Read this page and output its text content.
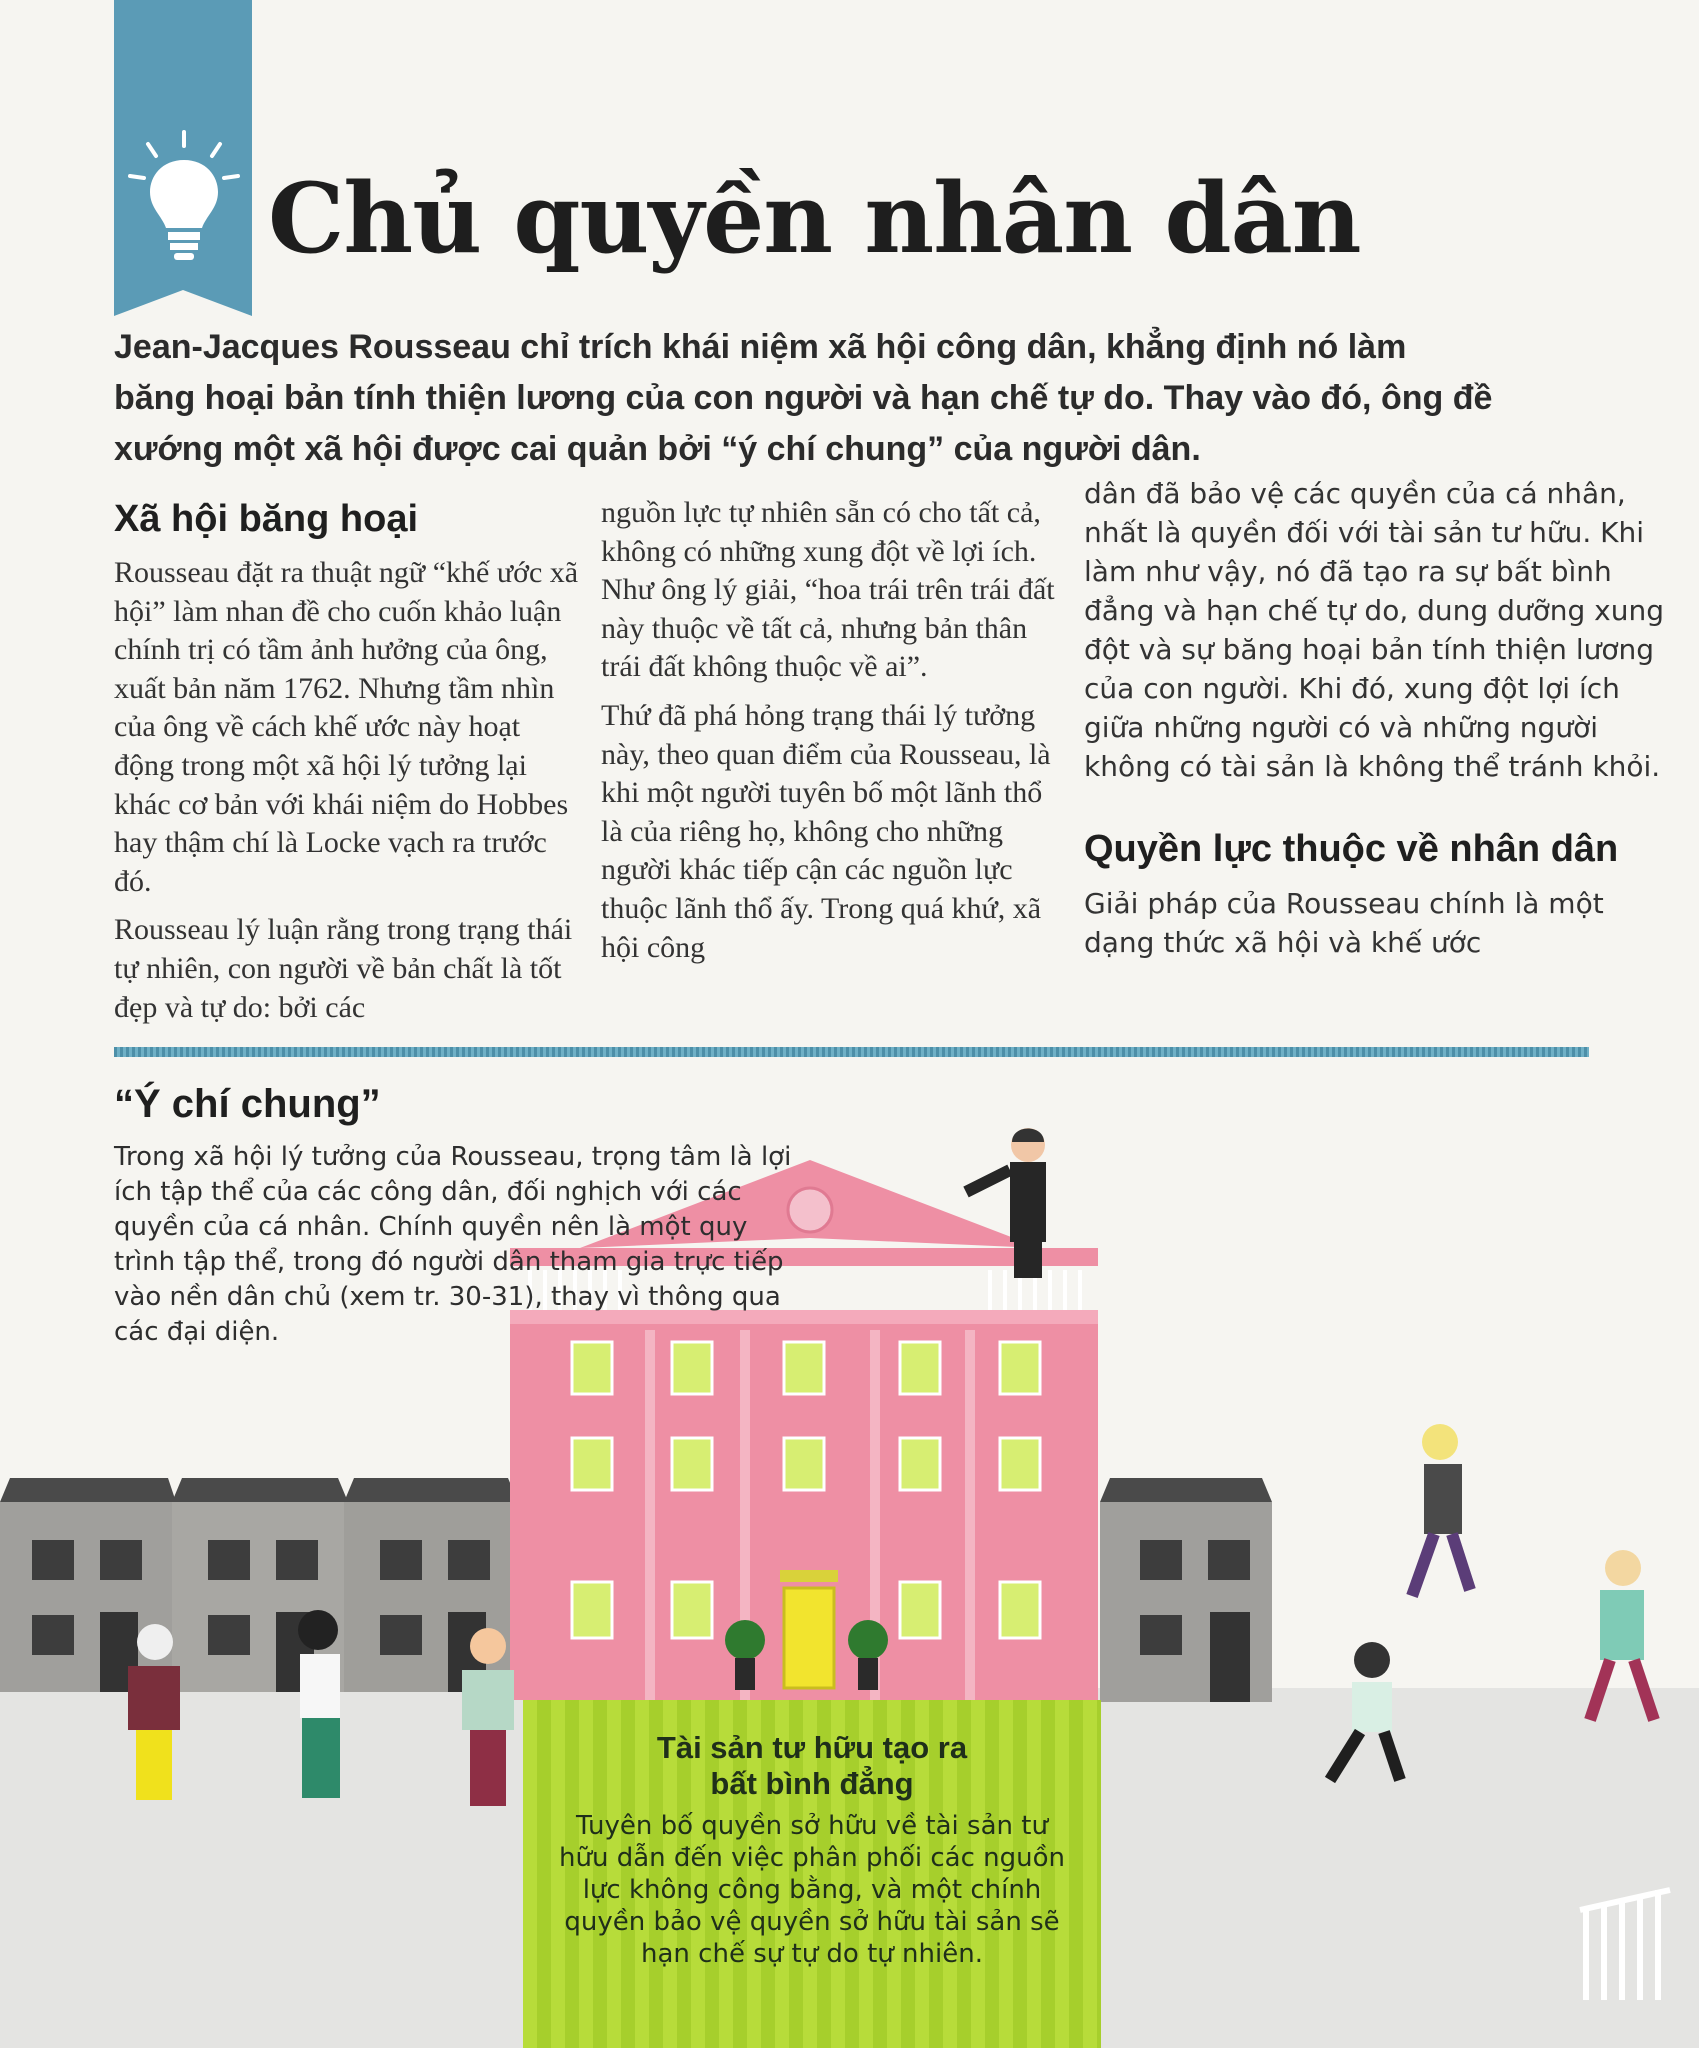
Chủ quyền nhân dân

Jean-Jacques Rousseau chỉ trích khái niệm xã hội công dân, khẳng định nó làm băng hoại bản tính thiện lương của con người và hạn chế tự do. Thay vào đó, ông đề xướng một xã hội được cai quản bởi “ý chí chung” của người dân.

Xã hội băng hoại

Rousseau đặt ra thuật ngữ “khế ước xã hội” làm nhan đề cho cuốn khảo luận chính trị có tầm ảnh hưởng của ông, xuất bản năm 1762. Nhưng tầm nhìn của ông về cách khế ước này hoạt động trong một xã hội lý tưởng lại khác cơ bản với khái niệm do Hobbes hay thậm chí là Locke vạch ra trước đó.

Rousseau lý luận rằng trong trạng thái tự nhiên, con người về bản chất là tốt đẹp và tự do: bởi các

nguồn lực tự nhiên sẵn có cho tất cả, không có những xung đột về lợi ích. Như ông lý giải, “hoa trái trên trái đất này thuộc về tất cả, nhưng bản thân trái đất không thuộc về ai”.

Thứ đã phá hỏng trạng thái lý tưởng này, theo quan điểm của Rousseau, là khi một người tuyên bố một lãnh thổ là của riêng họ, không cho những người khác tiếp cận các nguồn lực thuộc lãnh thổ ấy. Trong quá khứ, xã hội công

dân đã bảo vệ các quyền của cá nhân, nhất là quyền đối với tài sản tư hữu. Khi làm như vậy, nó đã tạo ra sự bất bình đẳng và hạn chế tự do, dung dưỡng xung đột và sự băng hoại bản tính thiện lương của con người. Khi đó, xung đột lợi ích giữa những người có và những người không có tài sản là không thể tránh khỏi.

Quyền lực thuộc về nhân dân

Giải pháp của Rousseau chính là một dạng thức xã hội và khế ước

“Ý chí chung”

Trong xã hội lý tưởng của Rousseau, trọng tâm là lợi ích tập thể của các công dân, đối nghịch với các quyền của cá nhân. Chính quyền nên là một quy trình tập thể, trong đó người dân tham gia trực tiếp vào nền dân chủ (xem tr. 30-31), thay vì thông qua các đại diện.

Tài sản tư hữu tạo ra
bất bình đẳng

Tuyên bố quyền sở hữu về tài sản tư hữu dẫn đến việc phân phối các nguồn lực không công bằng, và một chính quyền bảo vệ quyền sở hữu tài sản sẽ hạn chế sự tự do tự nhiên.
